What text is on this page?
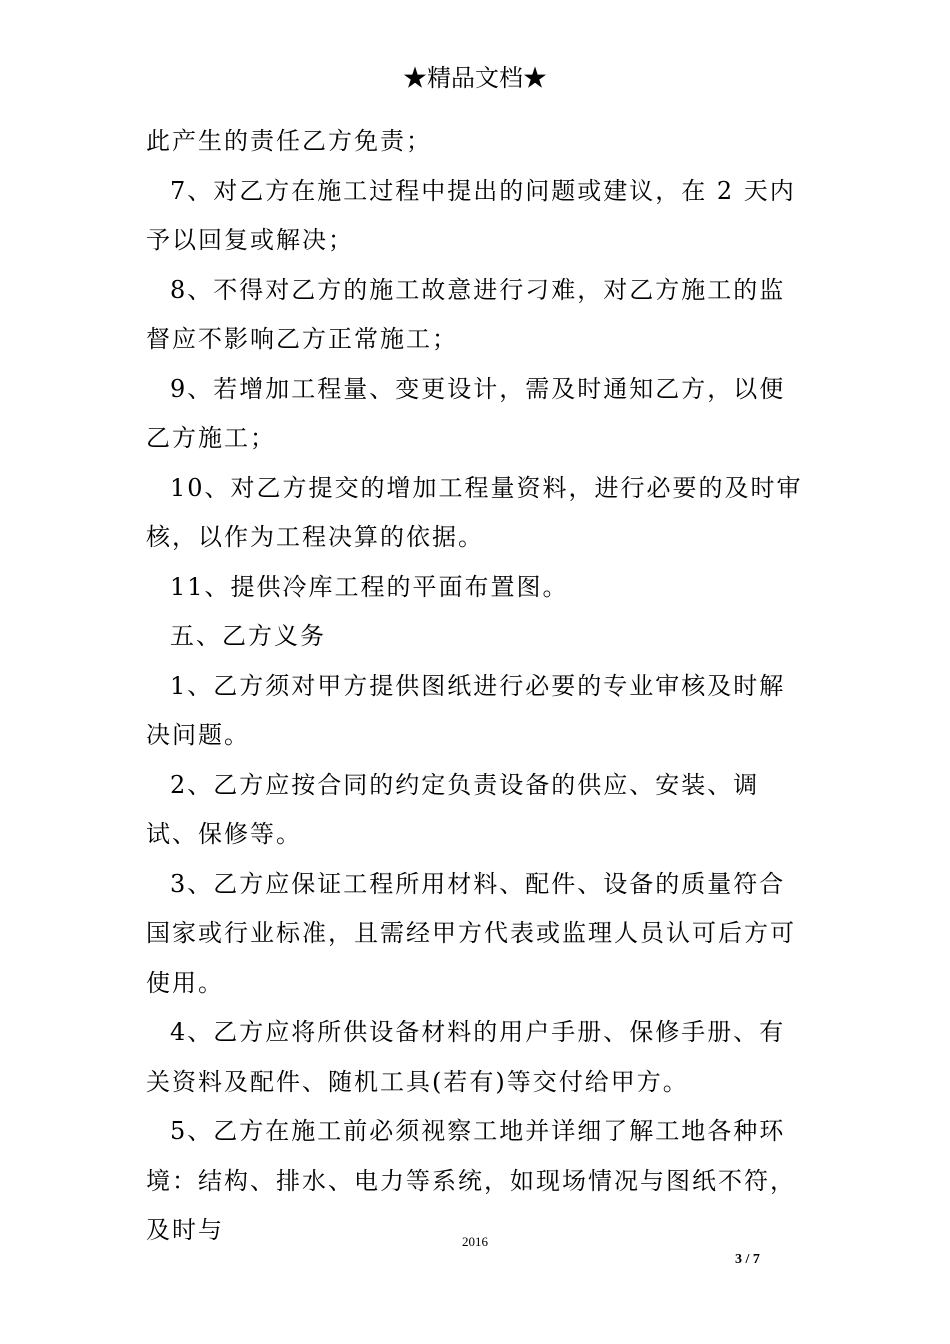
★精品文档★

此产生的责任乙方免责；

7、对乙方在施工过程中提出的问题或建议，在 2 天内予以回复或解决；

8、不得对乙方的施工故意进行刁难，对乙方施工的监督应不影响乙方正常施工；

9、若增加工程量、变更设计，需及时通知乙方，以便乙方施工；

10、对乙方提交的增加工程量资料，进行必要的及时审核，以作为工程决算的依据。

11、提供冷库工程的平面布置图。

五、乙方义务

1、乙方须对甲方提供图纸进行必要的专业审核及时解决问题。

2、乙方应按合同的约定负责设备的供应、安装、调试、保修等。

3、乙方应保证工程所用材料、配件、设备的质量符合国家或行业标准，且需经甲方代表或监理人员认可后方可使用。

4、乙方应将所供设备材料的用户手册、保修手册、有关资料及配件、随机工具(若有)等交付给甲方。

5、乙方在施工前必须视察工地并详细了解工地各种环境：结构、排水、电力等系统，如现场情况与图纸不符，及时与	2016
3 / 7
